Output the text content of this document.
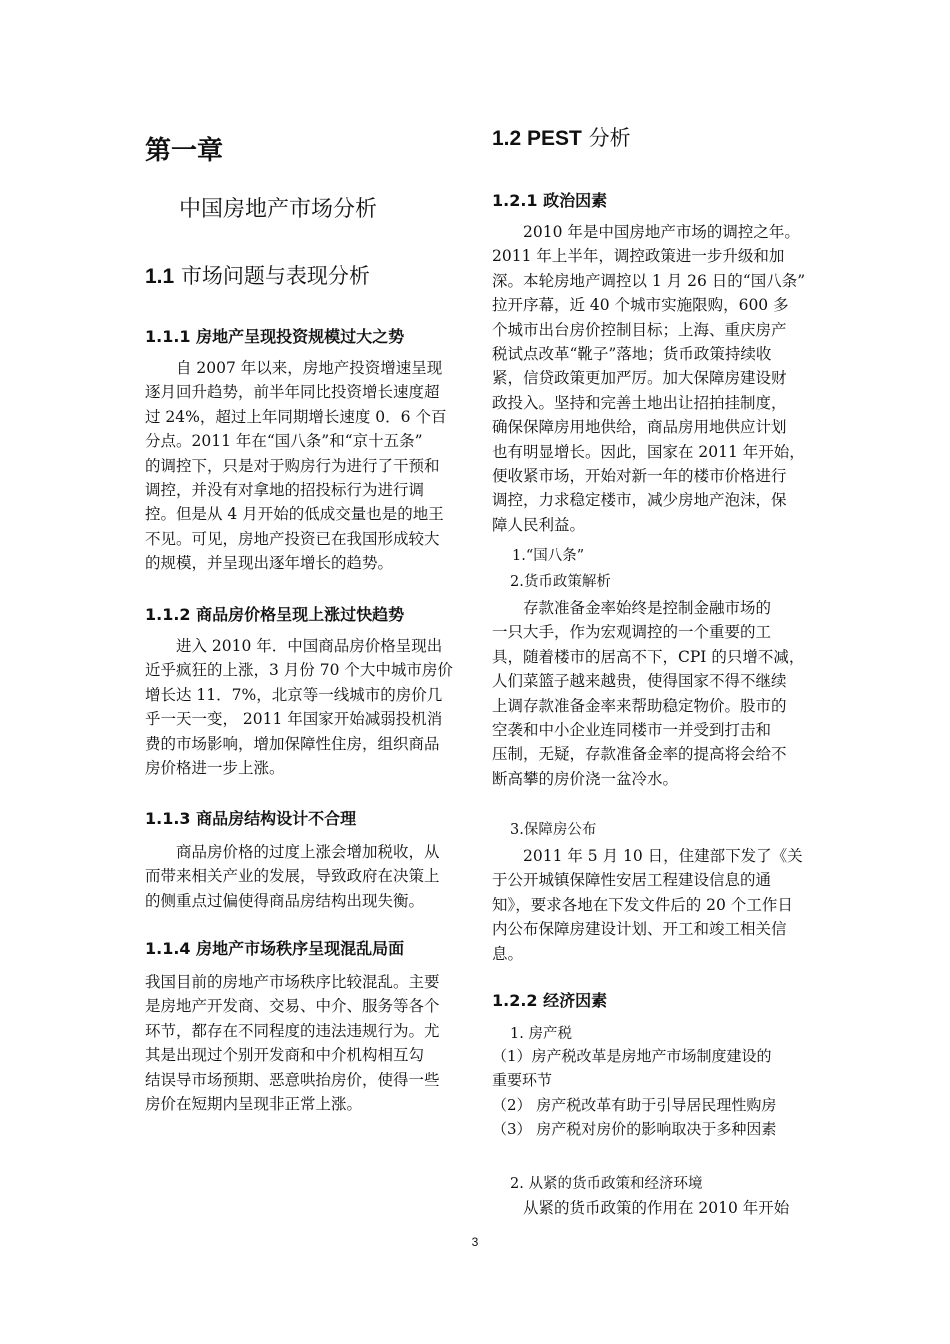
第一章
中国房地产市场分析
1.1 市场问题与表现分析
1.1.1 房地产呈现投资规模过大之势
　　自 2007 年以来，房地产投资增速呈现
逐月回升趋势，前半年同比投资增长速度超
过 24%，超过上年同期增长速度 0．6 个百
分点。2011 年在“国八条”和“京十五条”
的调控下，只是对于购房行为进行了干预和
调控，并没有对拿地的招投标行为进行调
控。但是从 4 月开始的低成交量也是的地王
不见。可见，房地产投资已在我国形成较大
的规模，并呈现出逐年增长的趋势。
1.1.2 商品房价格呈现上涨过快趋势
　　进入 2010 年．中国商品房价格呈现出
近乎疯狂的上涨，3 月份 70 个大中城市房价
增长达 11．7%，北京等一线城市的房价几
乎一天一变， 2011 年国家开始减弱投机消
费的市场影响，增加保障性住房，组织商品
房价格进一步上涨。
1.1.3 商品房结构设计不合理
　　商品房价格的过度上涨会增加税收，从
而带来相关产业的发展，导致政府在决策上
的侧重点过偏使得商品房结构出现失衡。
1.1.4 房地产市场秩序呈现混乱局面
我国目前的房地产市场秩序比较混乱。主要
是房地产开发商、交易、中介、服务等各个
环节，都存在不同程度的违法违规行为。尤
其是出现过个别开发商和中介机构相互勾
结误导市场预期、恶意哄抬房价，使得一些
房价在短期内呈现非正常上涨。
1.2 PEST 分析
1.2.1 政治因素
　　2010 年是中国房地产市场的调控之年。
2011 年上半年，调控政策进一步升级和加
深。本轮房地产调控以 1 月 26 日的“国八条”
拉开序幕，近 40 个城市实施限购，600 多
个城市出台房价控制目标；上海、重庆房产
税试点改革“靴子”落地；货币政策持续收
紧，信贷政策更加严厉。加大保障房建设财
政投入。坚持和完善土地出让招拍挂制度，
确保保障房用地供给，商品房用地供应计划
也有明显增长。因此，国家在 2011 年开始，
便收紧市场，开始对新一年的楼市价格进行
调控，力求稳定楼市，减少房地产泡沫，保
障人民利益。
1.“国八条”
2.货币政策解析
　　存款准备金率始终是控制金融市场的
一只大手，作为宏观调控的一个重要的工
具，随着楼市的居高不下，CPI 的只增不减，
人们菜篮子越来越贵，使得国家不得不继续
上调存款准备金率来帮助稳定物价。股市的
空袭和中小企业连同楼市一并受到打击和
压制，无疑，存款准备金率的提高将会给不
断高攀的房价浇一盆冷水。
3.保障房公布
　　2011 年 5 月 10 日，住建部下发了《关
于公开城镇保障性安居工程建设信息的通
知》，要求各地在下发文件后的 20 个工作日
内公布保障房建设计划、开工和竣工相关信
息。
1.2.2 经济因素
1. 房产税
（1）房产税改革是房地产市场制度建设的
重要环节
（2） 房产税改革有助于引导居民理性购房
（3） 房产税对房价的影响取决于多种因素
2. 从紧的货币政策和经济环境
　　从紧的货币政策的作用在 2010 年开始
3
